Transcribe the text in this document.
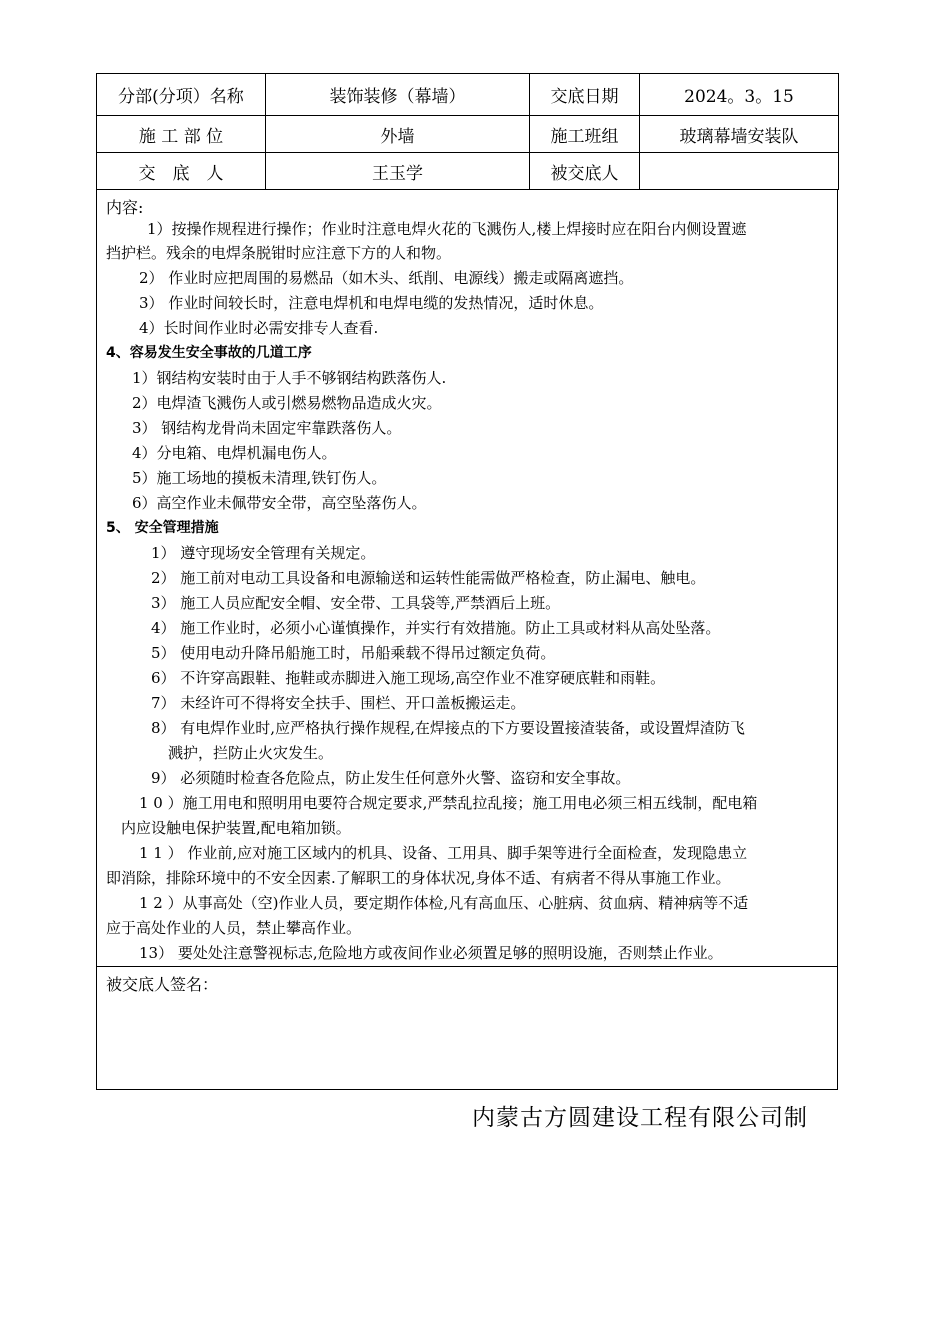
分部(分项）名称	装饰装修（幕墙）	交底日期	2024。3。15
施 工 部 位	外墙	施工班组	玻璃幕墙安装队
交　底　人	王玉学	被交底人	
内容:
1）按操作规程进行操作；作业时注意电焊火花的飞溅伤人,楼上焊接时应在阳台内侧设置遮
挡护栏。残余的电焊条脱钳时应注意下方的人和物。
2） 作业时应把周围的易燃品（如木头、纸削、电源线）搬走或隔离遮挡。
3） 作业时间较长时，注意电焊机和电焊电缆的发热情况，适时休息。
4）长时间作业时必需安排专人查看.
4、容易发生安全事故的几道工序
1）钢结构安装时由于人手不够钢结构跌落伤人.
2）电焊渣飞溅伤人或引燃易燃物品造成火灾。
3） 钢结构龙骨尚未固定牢靠跌落伤人。
4）分电箱、电焊机漏电伤人。
5）施工场地的摸板未清理,铁钉伤人。
6）高空作业未佩带安全带，高空坠落伤人。
5、 安全管理措施
1） 遵守现场安全管理有关规定。
2） 施工前对电动工具设备和电源输送和运转性能需做严格检查，防止漏电、触电。
3） 施工人员应配安全帽、安全带、工具袋等,严禁酒后上班。
4） 施工作业时，必须小心谨慎操作，并实行有效措施。防止工具或材料从高处坠落。
5） 使用电动升降吊船施工时，吊船乘载不得吊过额定负荷。
6） 不许穿高跟鞋、拖鞋或赤脚进入施工现场,高空作业不准穿硬底鞋和雨鞋。
7） 未经许可不得将安全扶手、围栏、开口盖板搬运走。
8） 有电焊作业时,应严格执行操作规程,在焊接点的下方要设置接渣装备，或设置焊渣防飞
溅护，拦防止火灾发生。
9） 必须随时检查各危险点，防止发生任何意外火警、盗窃和安全事故。
1 0 ）施工用电和照明用电要符合规定要求,严禁乱拉乱接；施工用电必须三相五线制，配电箱
内应设触电保护装置,配电箱加锁。
1 1 ） 作业前,应对施工区域内的机具、设备、工用具、脚手架等进行全面检查，发现隐患立
即消除，排除环境中的不安全因素.了解职工的身体状况,身体不适、有病者不得从事施工作业。
1 2 ）从事高处（空)作业人员，要定期作体检,凡有高血压、心脏病、贫血病、精神病等不适
应于高处作业的人员，禁止攀高作业。
13） 要处处注意警视标志,危险地方或夜间作业必须置足够的照明设施，否则禁止作业。
被交底人签名：
内蒙古方圆建设工程有限公司制
